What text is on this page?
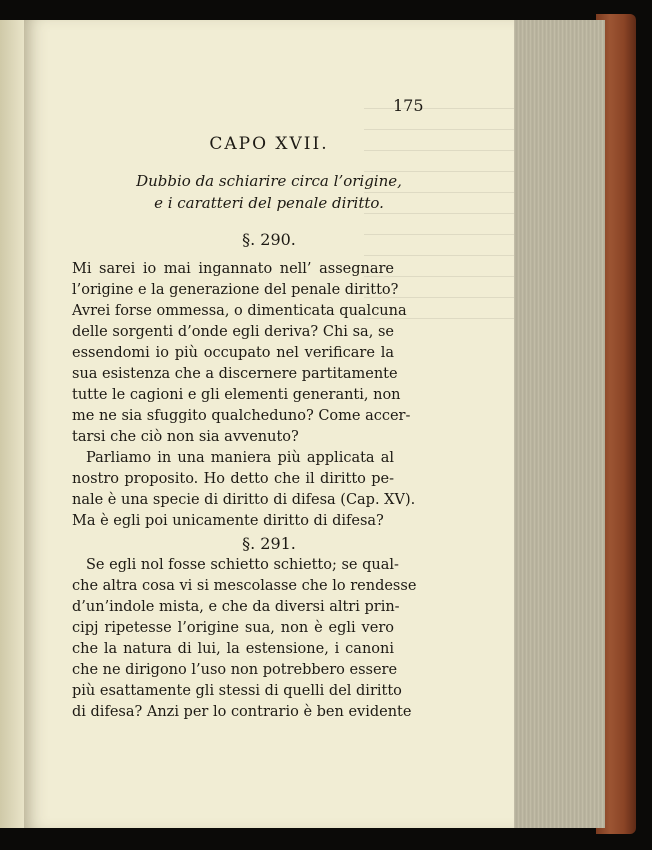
175
CAPO XVII.
Dubbio da schiarire circa l’origine,
e i caratteri del penale diritto.
§. 290.
Mi sarei io mai ingannato nell’ assegnare
l’origine e la generazione del penale diritto?
Avrei forse ommessa, o dimenticata qualcuna
delle sorgenti d’onde egli deriva? Chi sa, se
essendomi io più occupato nel verificare la
sua esistenza che a discernere partitamente
tutte le cagioni e gli elementi generanti, non
me ne sia sfuggito qualcheduno? Come accer-
tarsi che ciò non sia avvenuto?
Parliamo in una maniera più applicata al
nostro proposito. Ho detto che il diritto pe-
nale è una specie di diritto di difesa (Cap. XV).
Ma è egli poi unicamente diritto di difesa?
§. 291.
Se egli nol fosse schietto schietto; se qual-
che altra cosa vi si mescolasse che lo rendesse
d’un’indole mista, e che da diversi altri prin-
cipj ripetesse l’origine sua, non è egli vero
che la natura di lui, la estensione, i canoni
che ne dirigono l’uso non potrebbero essere
più esattamente gli stessi di quelli del diritto
di difesa? Anzi per lo contrario è ben evidente
